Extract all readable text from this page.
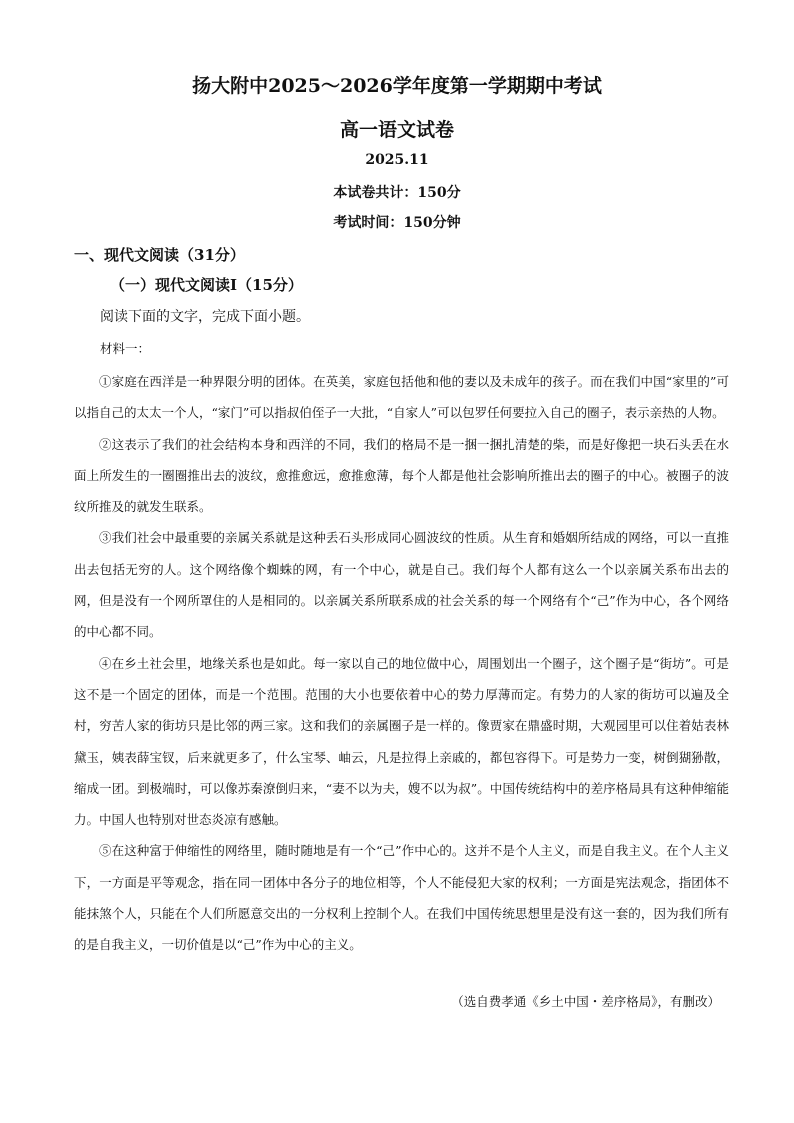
扬大附中2025～2026学年度第一学期期中考试
高一语文试卷
2025.11
本试卷共计：150分
考试时间：150分钟
一、现代文阅读（31分）
（一）现代文阅读Ⅰ（15分）
阅读下面的文字，完成下面小题。
材料一：

①家庭在西洋是一种界限分明的团体。在英美，家庭包括他和他的妻以及未成年的孩子。而在我们中国“家里的”可以指自己的太太一个人，“家门”可以指叔伯侄子一大批，“自家人”可以包罗任何要拉入自己的圈子，表示亲热的人物。

②这表示了我们的社会结构本身和西洋的不同，我们的格局不是一捆一捆扎清楚的柴，而是好像把一块石头丢在水面上所发生的一圈圈推出去的波纹，愈推愈远，愈推愈薄，每个人都是他社会影响所推出去的圈子的中心。被圈子的波纹所推及的就发生联系。

③我们社会中最重要的亲属关系就是这种丢石头形成同心圆波纹的性质。从生育和婚姻所结成的网络，可以一直推出去包括无穷的人。这个网络像个蜘蛛的网，有一个中心，就是自己。我们每个人都有这么一个以亲属关系布出去的网，但是没有一个网所罩住的人是相同的。以亲属关系所联系成的社会关系的每一个网络有个“己”作为中心，各个网络的中心都不同。

④在乡土社会里，地缘关系也是如此。每一家以自己的地位做中心，周围划出一个圈子，这个圈子是“街坊”。可是这不是一个固定的团体，而是一个范围。范围的大小也要依着中心的势力厚薄而定。有势力的人家的街坊可以遍及全村，穷苦人家的街坊只是比邻的两三家。这和我们的亲属圈子是一样的。像贾家在鼎盛时期，大观园里可以住着姑表林黛玉，姨表薛宝钗，后来就更多了，什么宝琴、岫云，凡是拉得上亲戚的，都包容得下。可是势力一变，树倒猢狲散，缩成一团。到极端时，可以像苏秦潦倒归来，“妻不以为夫，嫂不以为叔”。中国传统结构中的差序格局具有这种伸缩能力。中国人也特别对世态炎凉有感触。

⑤在这种富于伸缩性的网络里，随时随地是有一个“己”作中心的。这并不是个人主义，而是自我主义。在个人主义下，一方面是平等观念，指在同一团体中各分子的地位相等，个人不能侵犯大家的权利；一方面是宪法观念，指团体不能抹煞个人，只能在个人们所愿意交出的一分权利上控制个人。在我们中国传统思想里是没有这一套的，因为我们所有的是自我主义，一切价值是以“己”作为中心的主义。

（选自费孝通《乡土中国・差序格局》，有删改）
